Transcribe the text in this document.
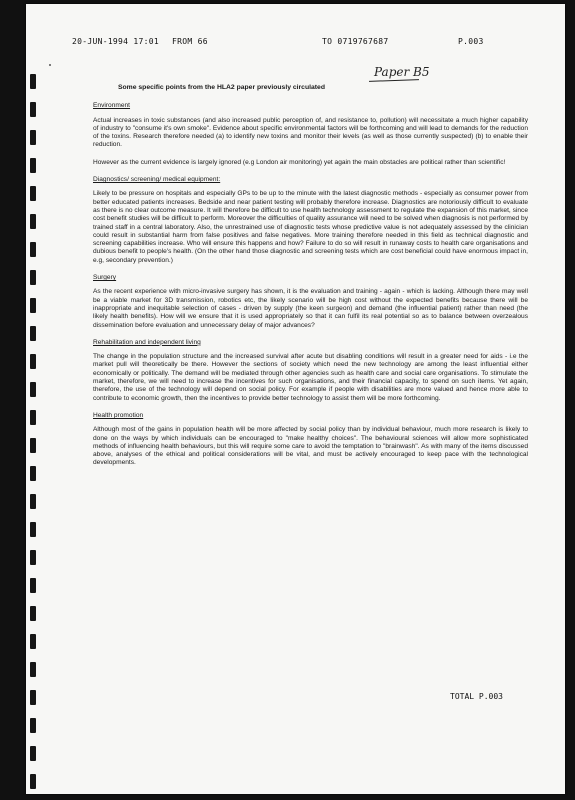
20-JUN-1994 17:01 FROM 66	TO 0719767687	P.003
Paper B5
Some specific points from the HLA2 paper previously circulated
Environment
Actual increases in toxic substances (and also increased public perception of, and resistance to, pollution) will necessitate a much higher capability of industry to "consume it's own smoke". Evidence about specific environmental factors will be forthcoming and will lead to demands for the reduction of the toxins. Research therefore needed (a) to identify new toxins and monitor their levels (as well as those currently suspected) (b) to enable their reduction.
However as the current evidence is largely ignored (e.g London air monitoring) yet again the main obstacles are political rather than scientific!
Diagnostics/ screening/ medical equipment:
Likely to be pressure on hospitals and especially GPs to be up to the minute with the latest diagnostic methods - especially as consumer power from better educated patients increases. Bedside and near patient testing will probably therefore increase. Diagnostics are notoriously difficult to evaluate as there is no clear outcome measure. It will therefore be difficult to use health technology assessment to regulate the expansion of this market, since cost benefit studies will be difficult to perform. Moreover the difficulties of quality assurance will need to be solved when diagnosis is not performed by trained staff in a central laboratory. Also, the unrestrained use of diagnostic tests whose predictive value is not adequately assessed by the clinician could result in substantial harm from false positives and false negatives. More training therefore needed in this field as technical diagnostic and screening capabilities increase. Who will ensure this happens and how? Failure to do so will result in runaway costs to health care organisations and dubious benefit to people's health. (On the other hand those diagnostic and screening tests which are cost beneficial could have enormous impact in, e.g, secondary prevention.)
Surgery
As the recent experience with micro-invasive surgery has shown, it is the evaluation and training - again - which is lacking. Although there may well be a viable market for 3D transmission, robotics etc, the likely scenario will be high cost without the expected benefits because there will be inappropriate and inequitable selection of cases - driven by supply (the keen surgeon) and demand (the influential patient) rather than need (the likely health benefits). How will we ensure that it is used appropriately so that it can fulfil its real potential so as to balance between overzealous dissemination before evaluation and unnecessary delay of major advances?
Rehabilitation and independent living
The change in the population structure and the increased survival after acute but disabling conditions will result in a greater need for aids - i.e the market pull will theoretically be there. However the sections of society which need the new technology are among the least influential either economically or politically. The demand will be mediated through other agencies such as health care and social care organisations. To stimulate the market, therefore, we will need to increase the incentives for such organisations, and their financial capacity, to spend on such items. Yet again, therefore, the use of the technology will depend on social policy. For example if people with disabilities are more valued and hence more able to contribute to economic growth, then the incentives to provide better technology to assist them will be more forthcoming.
Health promotion
Although most of the gains in population health will be more affected by social policy than by individual behaviour, much more research is likely to done on the ways by which individuals can be encouraged to "make healthy choices". The behavioural sciences will allow more sophisticated methods of influencing health behaviours, but this will require some care to avoid the temptation to "brainwash". As with many of the items discussed above, analyses of the ethical and political considerations will be vital, and must be actively encouraged to keep pace with the technological developments.
TOTAL P.003
